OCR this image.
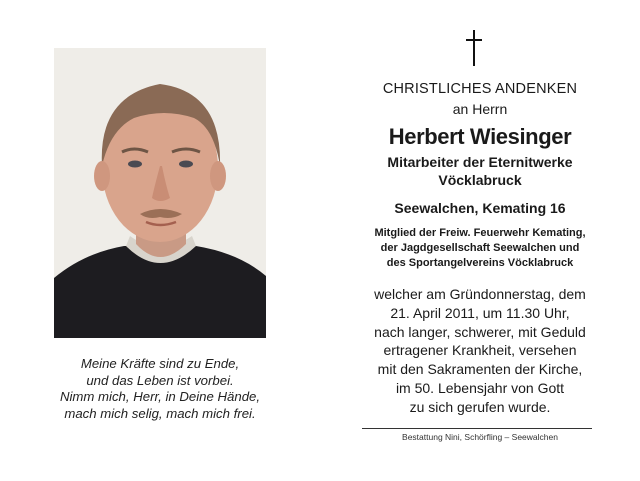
Meine Kräfte sind zu Ende,
und das Leben ist vorbei.
Nimm mich, Herr, in Deine Hände,
mach mich selig, mach mich frei.
CHRISTLICHES ANDENKEN
an Herrn
Herbert Wiesinger
Mitarbeiter der Eternitwerke
Vöcklabruck
Seewalchen, Kemating 16
Mitglied der Freiw. Feuerwehr Kemating,
der Jagdgesellschaft Seewalchen und
des Sportangelvereins Vöcklabruck
welcher am Gründonnerstag, dem
21. April 2011, um 11.30 Uhr,
nach langer, schwerer, mit Geduld
ertragener Krankheit, versehen
mit den Sakramenten der Kirche,
im 50. Lebensjahr von Gott
zu sich gerufen wurde.
Bestattung Nini, Schörfling – Seewalchen
